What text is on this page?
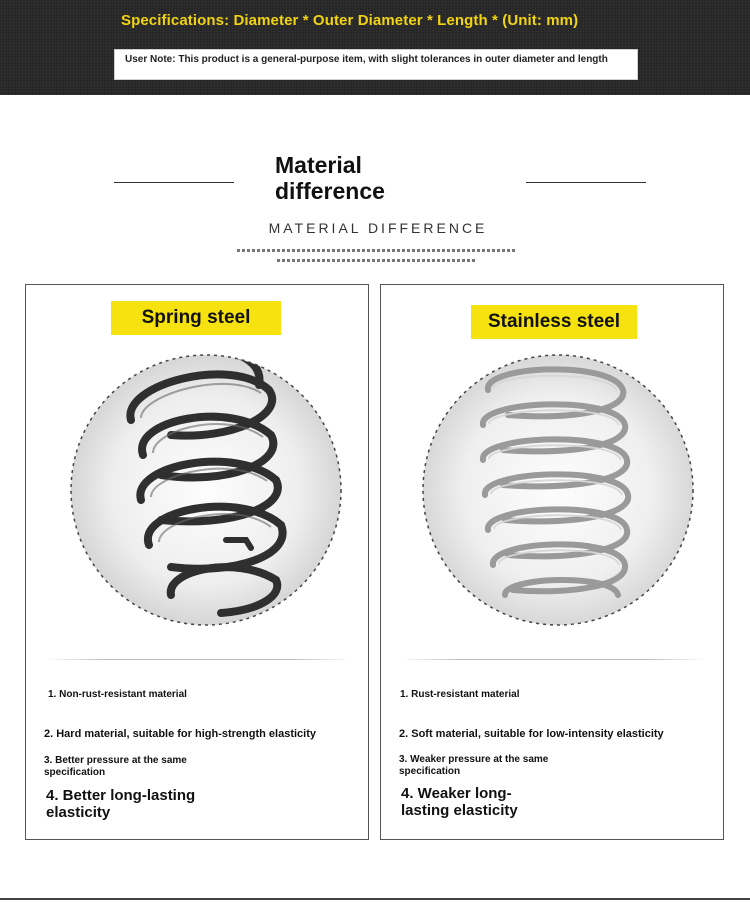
Specifications: Diameter * Outer Diameter * Length * (Unit: mm)
User Note: This product is a general-purpose item, with slight tolerances in outer diameter and length
Material difference
MATERIAL DIFFERENCE
Spring steel
1. Non-rust-resistant material
2. Hard material, suitable for high-strength elasticity
3. Better pressure at the same specification
4. Better long-lasting elasticity
Stainless steel
1. Rust-resistant material
2. Soft material, suitable for low-intensity elasticity
3. Weaker pressure at the same specification
4. Weaker long-lasting elasticity
